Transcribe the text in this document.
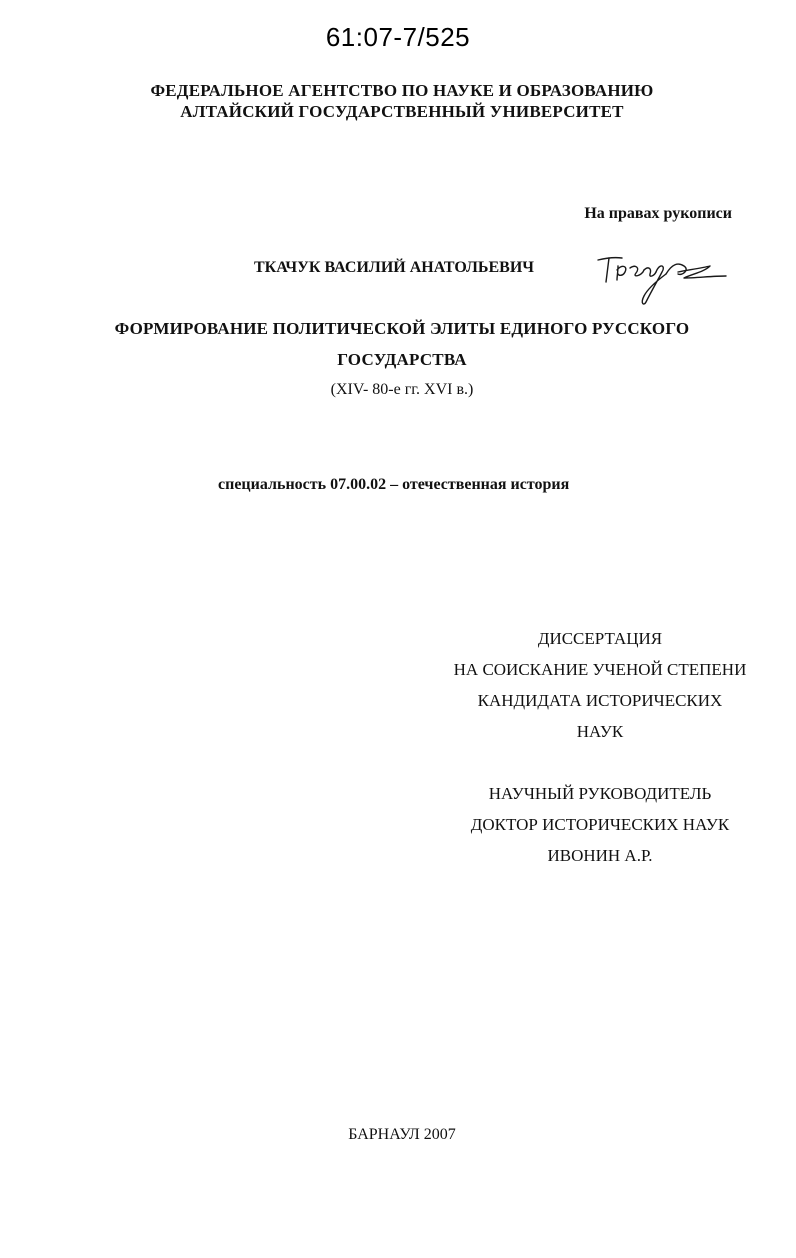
61:07-7/525
ФЕДЕРАЛЬНОЕ АГЕНТСТВО ПО НАУКЕ И ОБРАЗОВАНИЮ
АЛТАЙСКИЙ ГОСУДАРСТВЕННЫЙ УНИВЕРСИТЕТ
На правах рукописи
ТКАЧУК ВАСИЛИЙ АНАТОЛЬЕВИЧ
ФОРМИРОВАНИЕ ПОЛИТИЧЕСКОЙ ЭЛИТЫ ЕДИНОГО РУССКОГО
ГОСУДАРСТВА
(XIV- 80-е гг. XVI в.)
специальность 07.00.02 – отечественная история
ДИССЕРТАЦИЯ
НА СОИСКАНИЕ УЧЕНОЙ СТЕПЕНИ
КАНДИДАТА ИСТОРИЧЕСКИХ
НАУК
НАУЧНЫЙ РУКОВОДИТЕЛЬ
ДОКТОР ИСТОРИЧЕСКИХ НАУК
ИВОНИН А.Р.
БАРНАУЛ 2007
